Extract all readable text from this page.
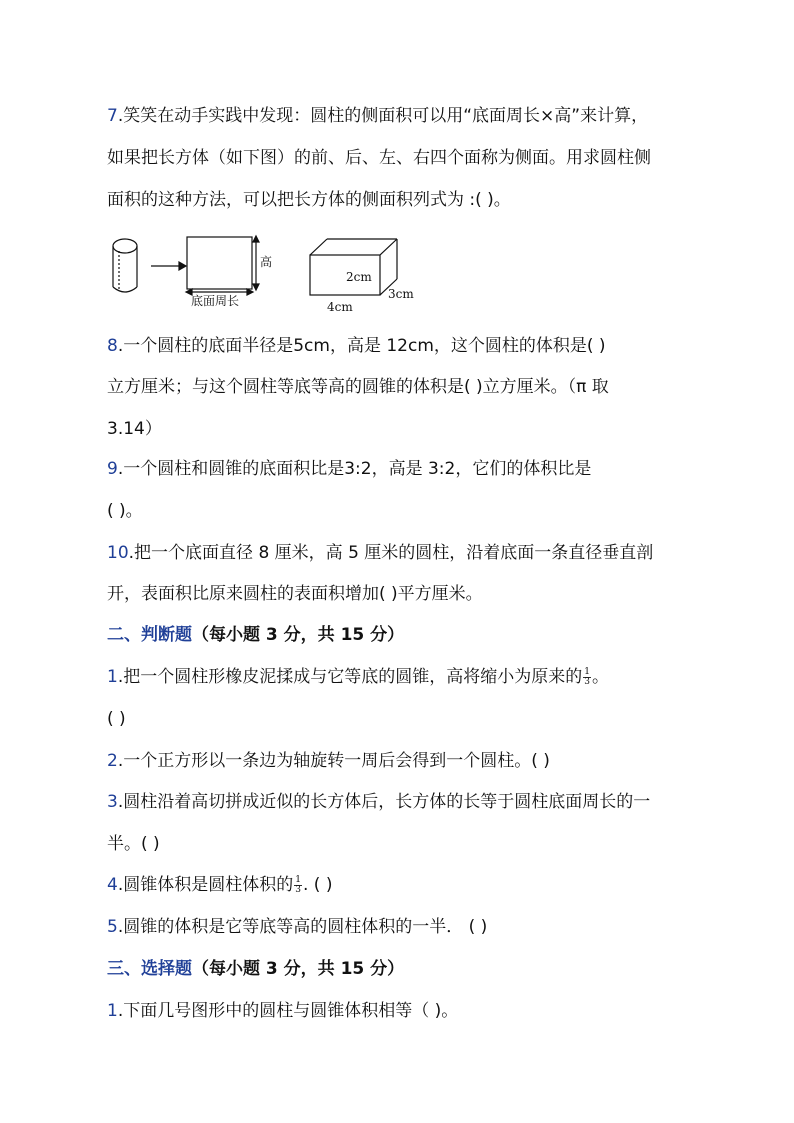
7.笑笑在动手实践中发现：圆柱的侧面积可以用“底面周长×高”来计算，
如果把长方体（如下图）的前、后、左、右四个面称为侧面。用求圆柱侧
面积的这种方法，可以把长方体的侧面积列式为 :( )。
高
底面周长
2cm
3cm
4cm
8.一个圆柱的底面半径是5cm，高是 12cm，这个圆柱的体积是( )
立方厘米；与这个圆柱等底等高的圆锥的体积是( )立方厘米。（π 取
3.14）
9.一个圆柱和圆锥的底面积比是3:2，高是 3:2，它们的体积比是
( )。
10.把一个底面直径 8 厘米，高 5 厘米的圆柱，沿着底面一条直径垂直剖
开，表面积比原来圆柱的表面积增加( )平方厘米。
二、判断题（每小题 3 分，共 15 分）
1.把一个圆柱形橡皮泥揉成与它等底的圆锥，高将缩小为原来的 $\frac{1}{3}$ 。
( )
2.一个正方形以一条边为轴旋转一周后会得到一个圆柱。( )
3.圆柱沿着高切拼成近似的长方体后，长方体的长等于圆柱底面周长的一
半。( )
4.圆锥体积是圆柱体积的 $\frac{1}{3}$ . ( )
5.圆锥的体积是它等底等高的圆柱体积的一半． ( )
三、选择题（每小题 3 分，共 15 分）
1.下面几号图形中的圆柱与圆锥体积相等（ )。
